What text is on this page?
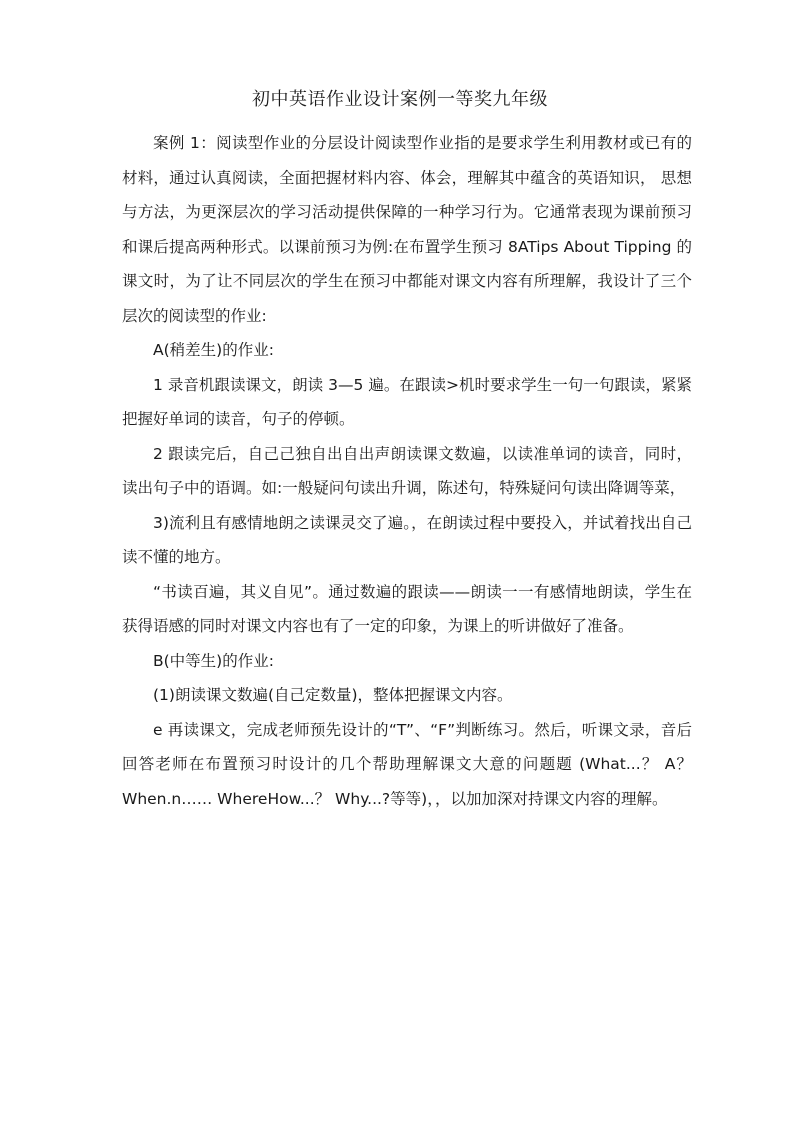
初中英语作业设计案例一等奖九年级

案例 1：阅读型作业的分层设计阅读型作业指的是要求学生利用教材或已有的材料，通过认真阅读，全面把握材料内容、体会，理解其中蕴含的英语知识， 思想与方法，为更深层次的学习活动提供保障的一种学习行为。它通常表现为课前预习和课后提高两种形式。以课前预习为例:在布置学生预习 8ATips About Tipping 的课文时，为了让不同层次的学生在预习中都能对课文内容有所理解，我设计了三个层次的阅读型的作业:

A(稍差生)的作业:

1 录音机跟读课文，朗读 3—5 遍。在跟读>机时要求学生一句一句跟读，紧紧把握好单词的读音，句子的停顿。

2 跟读完后，自己己独自出自出声朗读课文数遍，以读准单词的读音，同时，读出句子中的语调。如:一般疑问句读出升调，陈述句，特殊疑问句读出降调等菜，

3)流利且有感情地朗之读课灵交了遍。，在朗读过程中要投入，并试着找出自己读不懂的地方。

“书读百遍，其义自见”。通过数遍的跟读——朗读一一有感情地朗读，学生在获得语感的同时对课文内容也有了一定的印象，为课上的听讲做好了准备。

B(中等生)的作业:

(1)朗读课文数遍(自己定数量)，整体把握课文内容。

e 再读课文，完成老师预先设计的“T”、“F”判断练习。然后，听课文录，音后回答老师在布置预习时设计的几个帮助理解课文大意的问题题 (What...？ A？ When.n…… WhereHow...？ Why...?等等)，，以加加深对持课文内容的理解。
